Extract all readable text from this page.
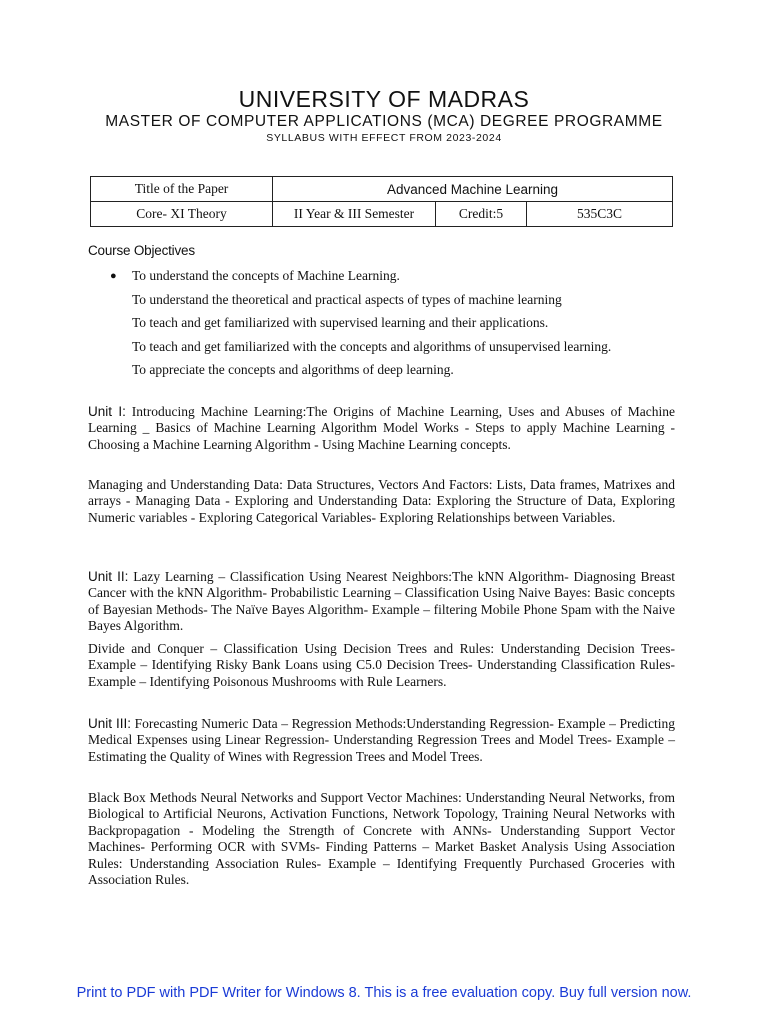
UNIVERSITY OF MADRAS
MASTER OF COMPUTER APPLICATIONS (MCA) DEGREE PROGRAMME
SYLLABUS WITH EFFECT FROM 2023-2024
Title of the Paper	Advanced Machine Learning		
Core- XI Theory	II Year & III Semester	Credit:5	535C3C
Course Objectives
● To understand the concepts of Machine Learning.
To understand the theoretical and practical aspects of types of machine learning
To teach and get familiarized with supervised learning and their applications.
To teach and get familiarized with the concepts and algorithms of unsupervised learning.
To appreciate the concepts and algorithms of deep learning.
Unit I: Introducing Machine Learning:The Origins of Machine Learning, Uses and Abuses of Machine Learning _ Basics of Machine Learning Algorithm Model Works - Steps to apply Machine Learning - Choosing a Machine Learning Algorithm - Using Machine Learning concepts.
Managing and Understanding Data: Data Structures, Vectors And Factors: Lists, Data frames, Matrixes and arrays - Managing Data - Exploring and Understanding Data: Exploring the Structure of Data, Exploring Numeric variables - Exploring Categorical Variables- Exploring Relationships between Variables.
Unit II: Lazy Learning – Classification Using Nearest Neighbors:The kNN Algorithm- Diagnosing Breast Cancer with the kNN Algorithm- Probabilistic Learning – Classification Using Naive Bayes: Basic concepts of Bayesian Methods- The Naïve Bayes Algorithm- Example – filtering Mobile Phone Spam with the Naive Bayes Algorithm.
Divide and Conquer – Classification Using Decision Trees and Rules: Understanding Decision Trees- Example – Identifying Risky Bank Loans using C5.0 Decision Trees- Understanding Classification Rules- Example – Identifying Poisonous Mushrooms with Rule Learners.
Unit III: Forecasting Numeric Data – Regression Methods:Understanding Regression- Example – Predicting Medical Expenses using Linear Regression- Understanding Regression Trees and Model Trees- Example – Estimating the Quality of Wines with Regression Trees and Model Trees.
Black Box Methods Neural Networks and Support Vector Machines: Understanding Neural Networks, from Biological to Artificial Neurons, Activation Functions, Network Topology, Training Neural Networks with Backpropagation - Modeling the Strength of Concrete with ANNs- Understanding Support Vector Machines- Performing OCR with SVMs- Finding Patterns – Market Basket Analysis Using Association Rules: Understanding Association Rules- Example – Identifying Frequently Purchased Groceries with Association Rules.
Print to PDF with PDF Writer for Windows 8. This is a free evaluation copy. Buy full version now.
